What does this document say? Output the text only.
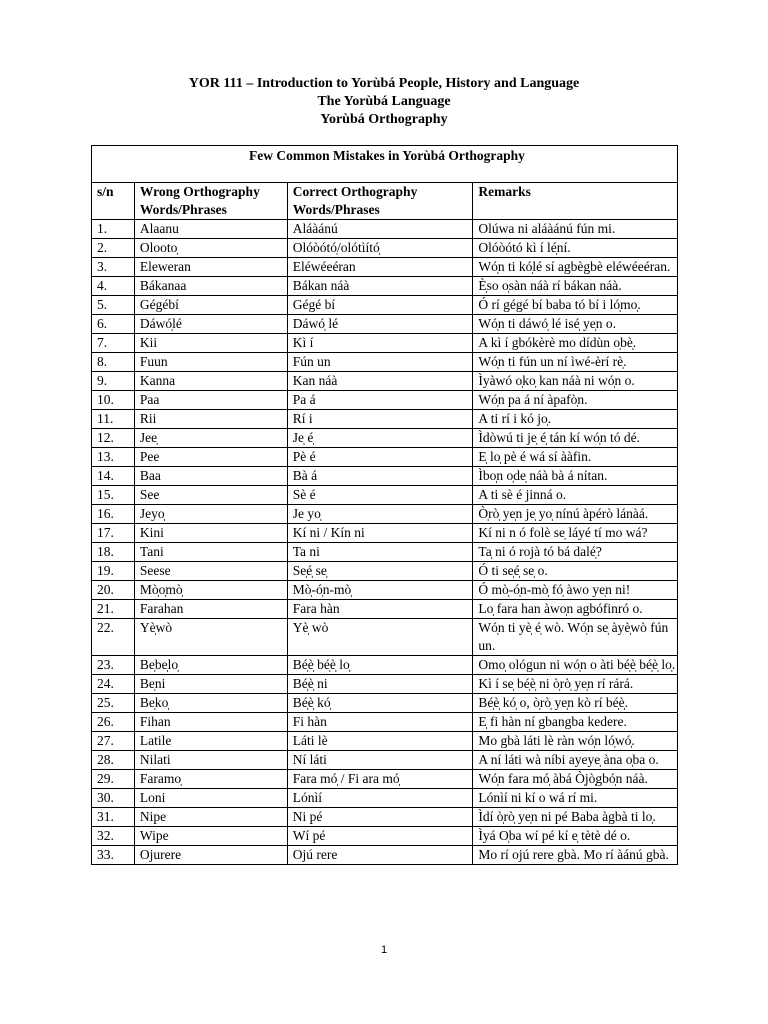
YOR 111 – Introduction to Yorùbá People, History and Language
The Yorùbá Language
Yorùbá Orthography
Few Common Mistakes in Yorùbá Orthography			

s/n	Wrong Orthography Words/Phrases	Correct Orthography Words/Phrases	Remarks
1.	Alaanu	Aláàánú	Olúwa ni aláàánú fún mi.
2.	Olooto̩	Olóòótó̩/olótìító̩	Olóòótó kì í lé̩ní.
3.	Eleweran	Eléwéeéran	Wó̩n ti kó̩lé sí agbègbè eléwéeéran.
4.	Bákanaa	Bákan náà	È̩so o̩sàn náà rí bákan náà.
5.	Gégébí	Gégé bí	Ó rí gégé bí baba tó bí i ló̩mo̩.
6.	Dáwó̩lé	Dáwó̩ lé	Wó̩n ti dáwó̩ lé isé̩ ye̩n o.
7.	Kii	Kì í	A kì í gbókèrè mo dídùn o̩bè̩.
8.	Fuun	Fún un	Wó̩n ti fún un ní ìwé-èrí rè̩.
9.	Kanna	Kan náà	Ìyàwó o̩ko̩ kan náà ni wó̩n o.
10.	Paa	Pa á	Wó̩n pa á ní àpafò̩n.
11.	Rii	Rí i	A ti rí i kó jo̩.
12.	Jee̩	Je̩ é̩	Ìdòwú ti je̩ é̩ tán kí wó̩n tó dé.
13.	Pee	Pè é	E̩ lo̩ pè é wá sí ààfin.
14.	Baa	Bà á	Ìbo̩n o̩de̩ náà bà á nítan.
15.	See	Sè é	A ti sè é jinná o.
16.	Jeyo̩	Je yo̩	Ò̩rò̩ ye̩n je̩ yo̩ nínú àpérò lánàá.
17.	Kini	Kí ni / Kín ni	Kí ni n ó folè se̩ láyé tí mo wá?
18.	Tani	Ta ni	Ta̩ ni ó rojà tó bá dalé̩?
19.	Seese	Se̩é̩ se̩	Ó ti se̩é̩ se̩ o.
20.	Mò̩o̩mò̩	Mò̩-ó̩n-mò̩	Ó mò̩-ó̩n-mò̩ fó̩ àwo ye̩n ni!
21.	Farahan	Fara hàn	Lo̩ fara han àwo̩n agbófinró o.
22.	Yè̩wò	Yè̩ wò	Wó̩n ti yè̩ é̩ wò. Wó̩n se̩ àyè̩wò fún un.
23.	Be̩be̩lo̩	Bé̩è̩ bé̩è̩ lo̩	Omo̩ ológun ni wó̩n o àti bé̩è̩ bé̩è̩ lo̩.
24.	Be̩ni	Bé̩è̩ ni	Kì í se̩ bé̩è̩ ni ò̩rò̩ ye̩n rí rárá.
25.	Be̩ko̩	Bé̩è̩ kó̩	Bé̩è̩ kó̩ o, ò̩rò̩ ye̩n kò rí bé̩è̩.
26.	Fihan	Fi hàn	E̩ fi hàn ní gbangba kedere.
27.	Latile	Láti lè	Mo gbà láti lè ràn wó̩n ló̩wó̩.
28.	Nilati	Ní láti	A ní láti wà níbi ayeye̩ àna o̩ba o.
29.	Faramo̩	Fara mó̩ / Fi ara mó̩	Wó̩n fara mó̩ àbá Ò̩jò̩gbó̩n náà.
30.	Loni	Lónìí	Lónìí ni kí o wá rí mi.
31.	Nipe	Ni pé	Ìdí ò̩rò̩ ye̩n ni pé Baba àgbà ti lo̩.
32.	Wipe	Wí pé	Ìyá O̩ba wí pé kí e̩ tètè dé o.
33.	Ojurere	Ojú rere	Mo rí ojú rere gbà. Mo rí àánú gbà.
1
